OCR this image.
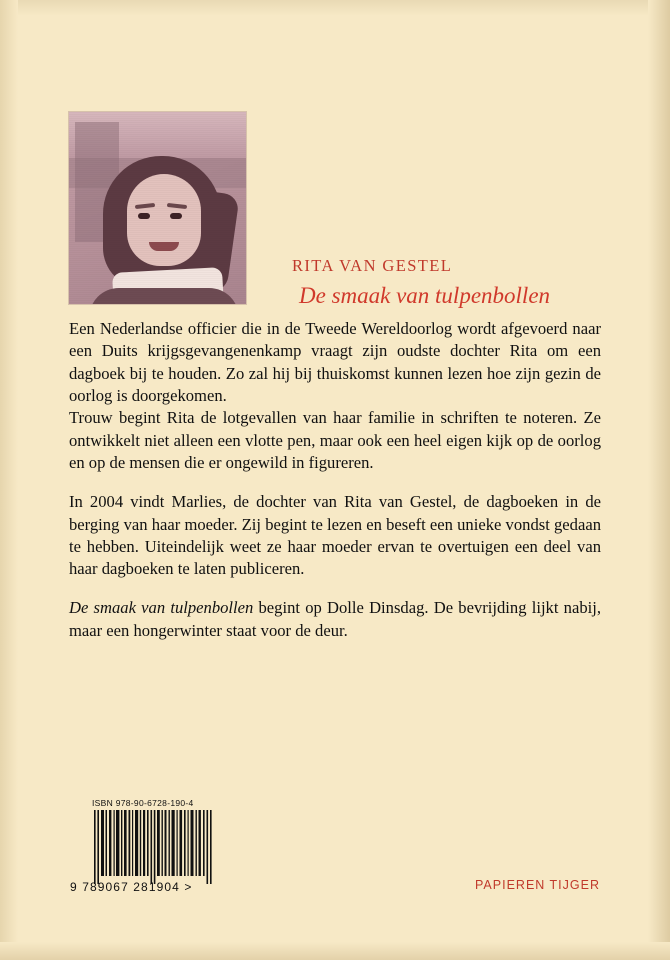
RITA VAN GESTEL
De smaak van tulpenbollen

Een Nederlandse officier die in de Tweede Wereldoorlog wordt afgevoerd naar een Duits krijgsgevangenenkamp vraagt zijn oudste dochter Rita om een dagboek bij te houden. Zo zal hij bij thuiskomst kunnen lezen hoe zijn gezin de oorlog is doorgekomen.

Trouw begint Rita de lotgevallen van haar familie in schriften te noteren. Ze ontwikkelt niet alleen een vlotte pen, maar ook een heel eigen kijk op de oorlog en op de mensen die er ongewild in figureren.

In 2004 vindt Marlies, de dochter van Rita van Gestel, de dagboeken in de berging van haar moeder. Zij begint te lezen en beseft een unieke vondst gedaan te hebben. Uiteindelijk weet ze haar moeder ervan te overtuigen een deel van haar dagboeken te laten publiceren.

De smaak van tulpenbollen begint op Dolle Dinsdag. De bevrijding lijkt nabij, maar een hongerwinter staat voor de deur.

ISBN 978-90-6728-190-4
9 789067 281904 >	PAPIEREN TIJGER
